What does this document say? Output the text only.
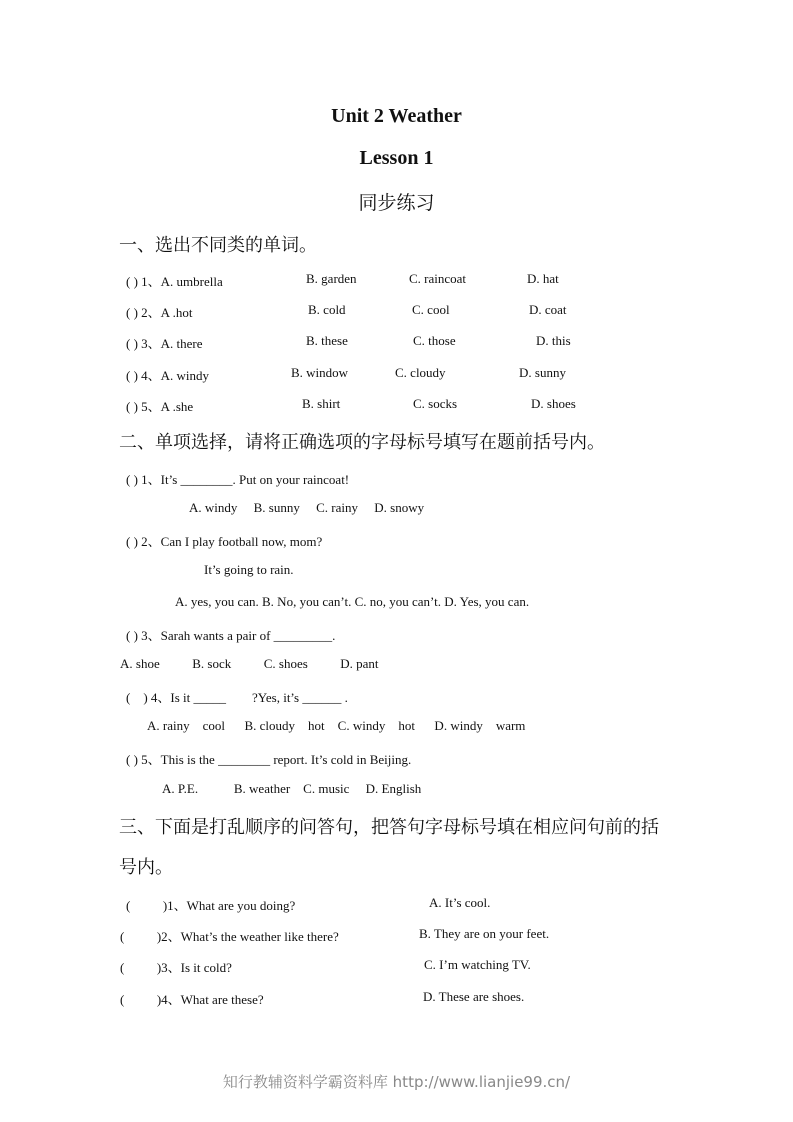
Unit 2 Weather
Lesson 1
同步练习
一、选出不同类的单词。
( ) 1、A. umbrella	B. garden	C. raincoat	D. hat
( ) 2、A .hot	B. cold	C. cool	D. coat
( ) 3、A. there	B. these	C. those	D. this
( ) 4、A. windy	B. window	C. cloudy	D. sunny
( ) 5、A .she	B. shirt	C. socks	D. shoes
二、单项选择，请将正确选项的字母标号填写在题前括号内。
( ) 1、It’s ________. Put on your raincoat!
A. windy     B. sunny     C. rainy     D. snowy
( ) 2、Can I play football now, mom?
It’s going to rain.
A. yes, you can. B. No, you can’t. C. no, you can’t. D. Yes, you can.
( ) 3、Sarah wants a pair of _________.
A. shoe          B. sock          C. shoes          D. pant
(    ) 4、Is it _____        ?Yes, it’s ______ .
A. rainy    cool      B. cloudy    hot    C. windy    hot      D. windy    warm
( ) 5、This is the ________ report. It’s cold in Beijing.
A. P.E.           B. weather    C. music     D. English
三、下面是打乱顺序的问答句，把答句字母标号填在相应问句前的括
号内。
(          )1、What are you doing?	A. It’s cool.
(          )2、What’s the weather like there?	B. They are on your feet.
(          )3、Is it cold?	C. I’m watching TV.
(          )4、What are these?	D. These are shoes.
知行教辅资料学霸资料库 http://www.lianjie99.cn/
